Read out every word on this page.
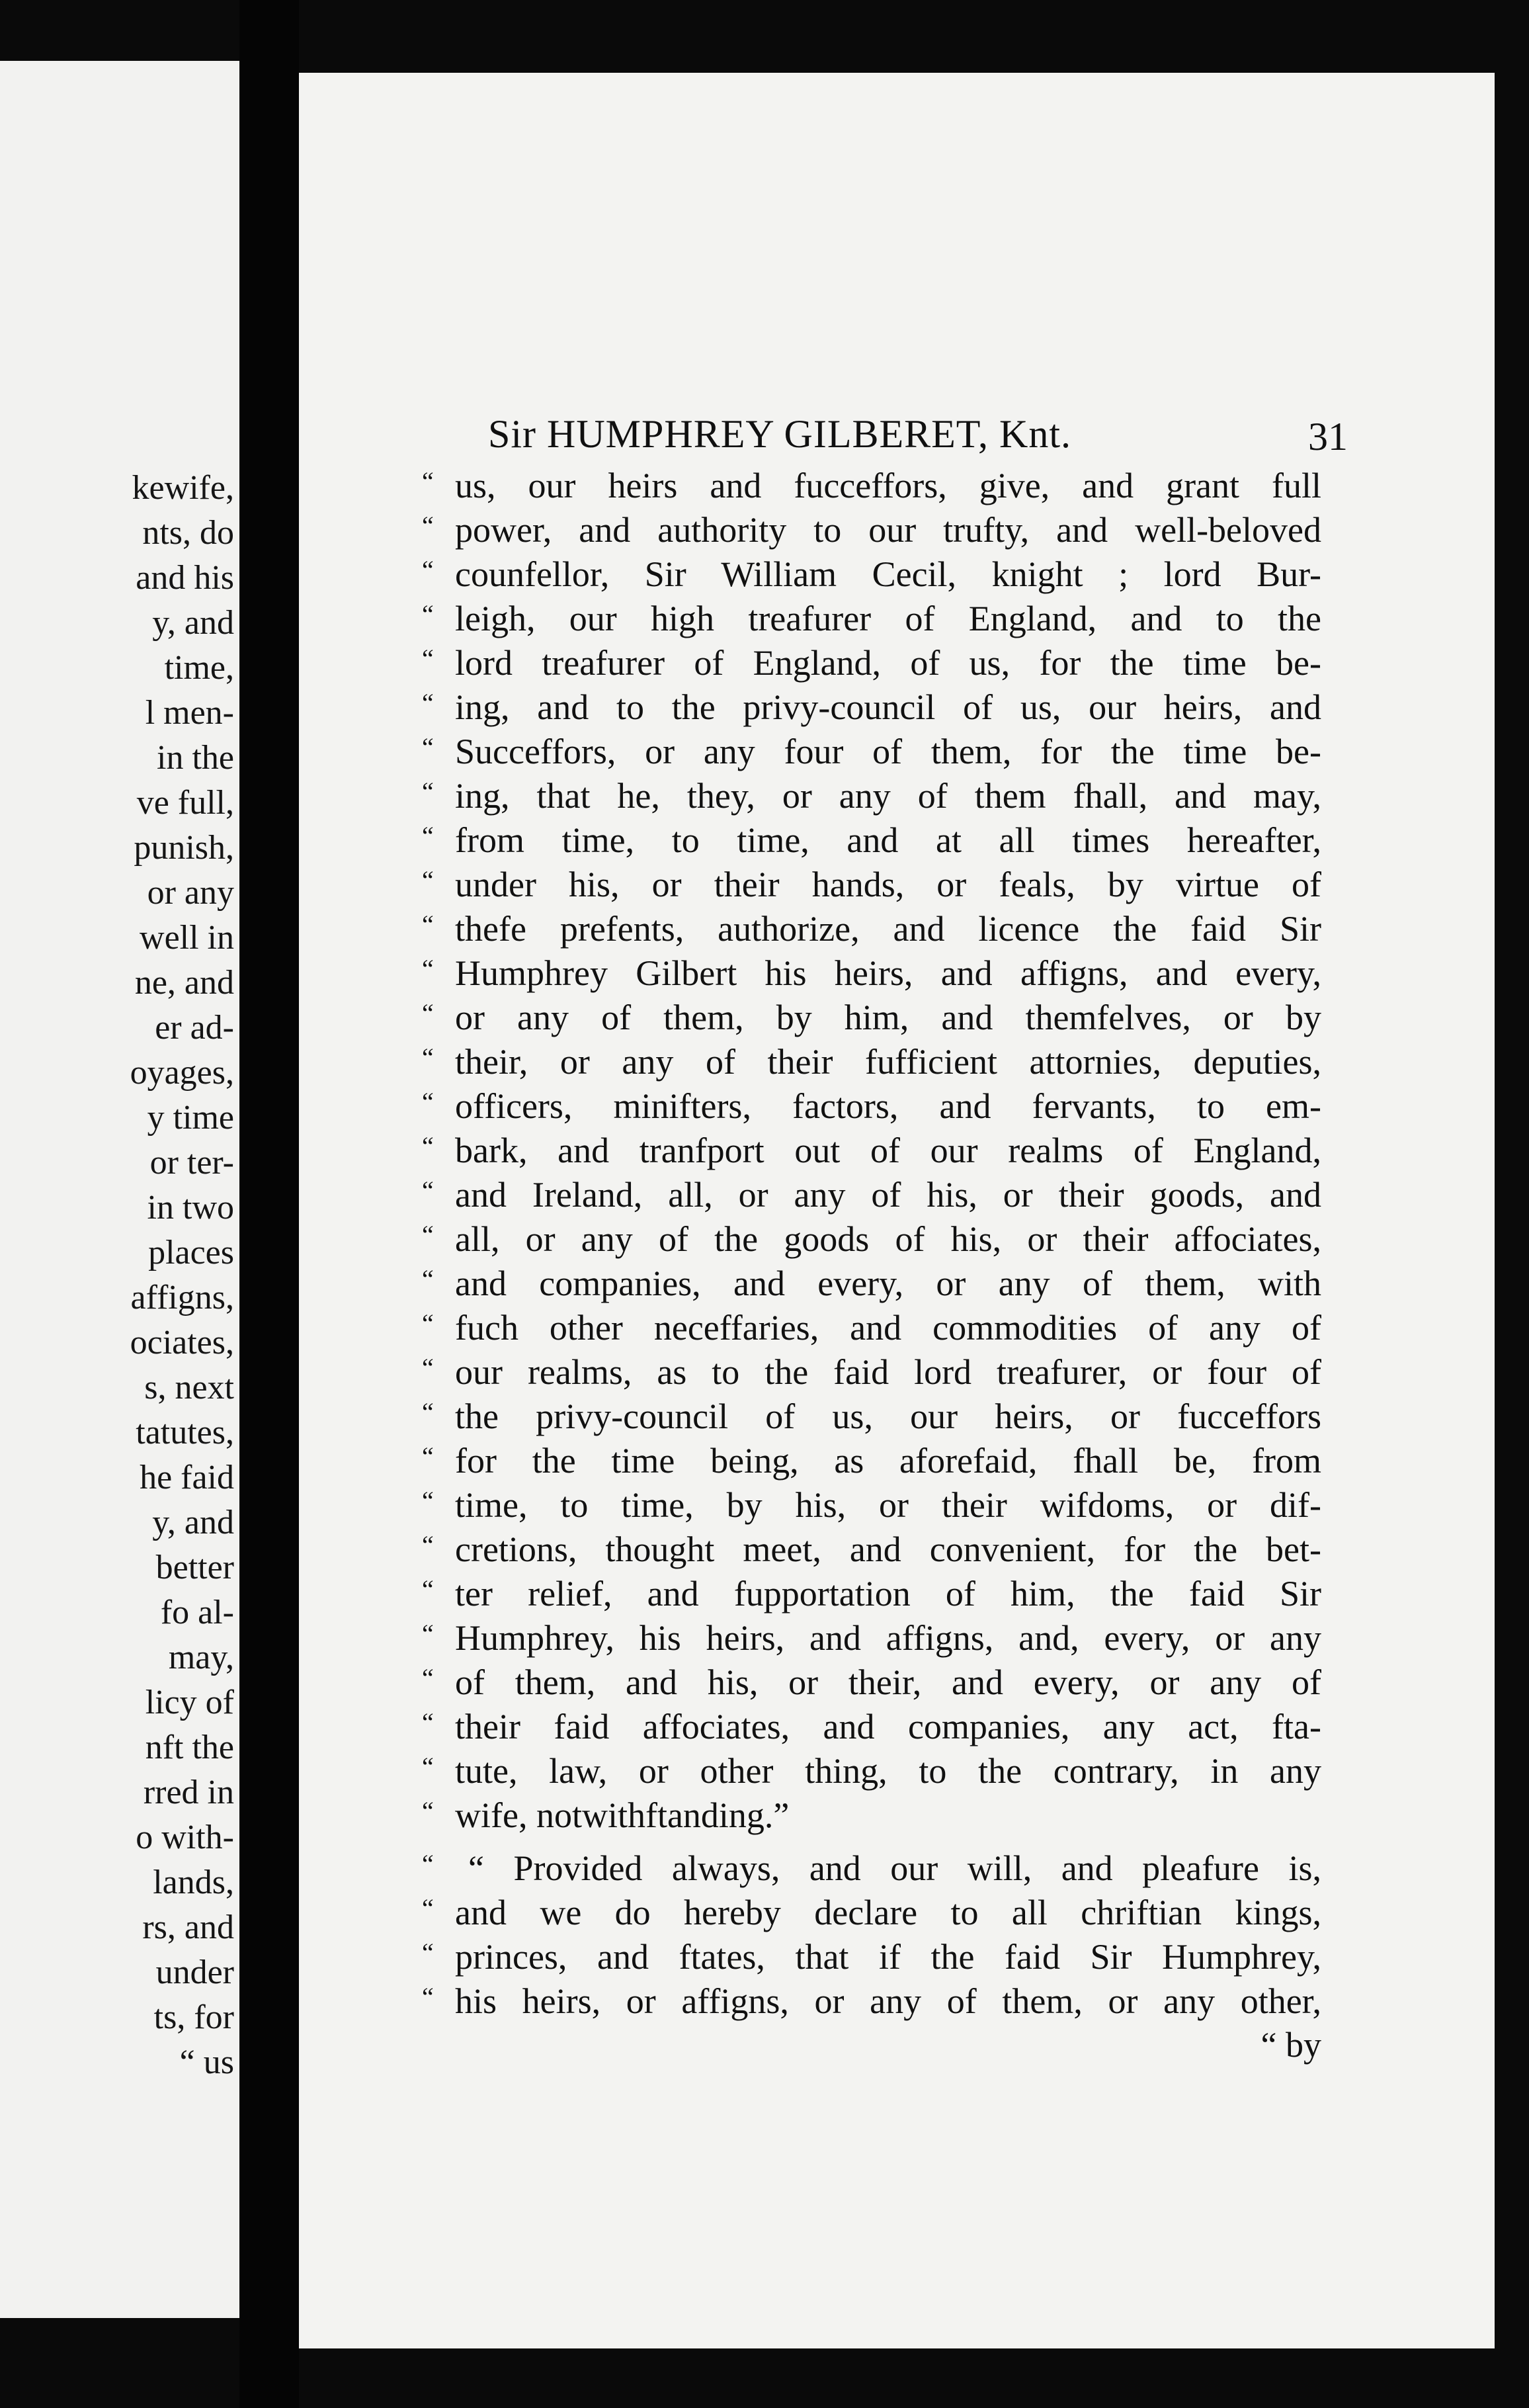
kewife,
nts, do
and his
y, and
time,
l men-
in the
ve full,
punish,
or any
well in
ne, and
er ad-
oyages,
y time
or ter-
in two
places
affigns,
ociates,
s, next
tatutes,
he faid
y, and
better
fo al-
may,
licy of
nft the
rred in
o with-
lands,
rs, and
under
ts, for
“ us
Sir HUMPHREY GILBERET, Knt.	31
“ us, our heirs and fucceffors, give, and grant full
“ power, and authority to our trufty, and well-beloved
“ counfellor, Sir William Cecil, knight ; lord Bur-
“ leigh, our high treafurer of England, and to the
“ lord treafurer of England, of us, for the time be-
“ ing, and to the privy-council of us, our heirs, and
“ Succeffors, or any four of them, for the time be-
“ ing, that he, they, or any of them fhall, and may,
“ from time, to time, and at all times hereafter,
“ under his, or their hands, or feals, by virtue of
“ thefe prefents, authorize, and licence the faid Sir
“ Humphrey Gilbert his heirs, and affigns, and every,
“ or any of them, by him, and themfelves, or by
“ their, or any of their fufficient attornies, deputies,
“ officers, minifters, factors, and fervants, to em-
“ bark, and tranfport out of our realms of England,
“ and Ireland, all, or any of his, or their goods, and
“ all, or any of the goods of his, or their affociates,
“ and companies, and every, or any of them, with
“ fuch other neceffaries, and commodities of any of
“ our realms, as to the faid lord treafurer, or four of
“ the privy-council of us, our heirs, or fucceffors
“ for the time being, as aforefaid, fhall be, from
“ time, to time, by his, or their wifdoms, or dif-
“ cretions, thought meet, and convenient, for the bet-
“ ter relief, and fupportation of him, the faid Sir
“ Humphrey, his heirs, and affigns, and, every, or any
“ of them, and his, or their, and every, or any of
“ their faid affociates, and companies, any act, fta-
“ tute, law, or other thing, to the contrary, in any
“ wife, notwithftanding.”
“ “ Provided always, and our will, and pleafure is,
“ and we do hereby declare to all chriftian kings,
“ princes, and ftates, that if the faid Sir Humphrey,
“ his heirs, or affigns, or any of them, or any other,
“ by
